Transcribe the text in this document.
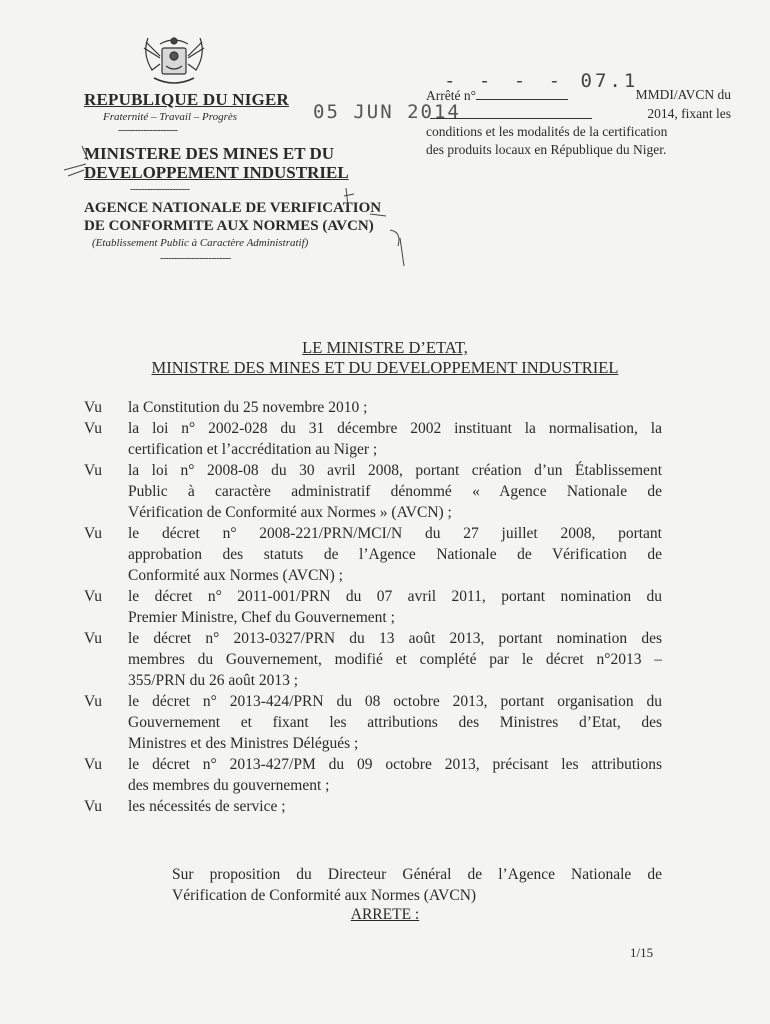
REPUBLIQUE DU NIGER
Fraternité – Travail – Progrès
---------------------
MINISTERE DES MINES ET DU
DEVELOPPEMENT INDUSTRIEL
---------------------
AGENCE NATIONALE DE VERIFICATION
DE CONFORMITE AUX NORMES (AVCN)
(Etablissement Public à Caractère Administratif)
-------------------------
- - - - 07.1
05 JUN 2014
Arrêté n°	MMDI/AVCN du
2014, fixant les
conditions et les modalités de la certification
des produits locaux en République du Niger.
LE MINISTRE D’ETAT,
MINISTRE DES MINES ET DU DEVELOPPEMENT INDUSTRIEL
Vu	la Constitution du 25 novembre 2010 ;
Vu	la loi n° 2002-028 du 31 décembre 2002 instituant la normalisation, la
certification et l’accréditation au Niger ;
Vu	la loi n° 2008-08 du 30 avril 2008, portant création d’un Établissement
Public à caractère administratif dénommé « Agence Nationale de
Vérification de Conformité aux Normes » (AVCN) ;
Vu	le décret n° 2008-221/PRN/MCI/N du 27 juillet 2008, portant
approbation des statuts de l’Agence Nationale de Vérification de
Conformité aux Normes (AVCN) ;
Vu	le décret n° 2011-001/PRN du 07 avril 2011, portant nomination du
Premier Ministre, Chef du Gouvernement ;
Vu	le décret n° 2013-0327/PRN du 13 août 2013, portant nomination des
membres du Gouvernement, modifié et complété par le décret n°2013 –
355/PRN du 26 août 2013 ;
Vu	le décret n° 2013-424/PRN du 08 octobre 2013, portant organisation du
Gouvernement et fixant les attributions des Ministres d’Etat, des
Ministres et des Ministres Délégués ;
Vu	le décret n° 2013-427/PM du 09 octobre 2013, précisant les attributions
des membres du gouvernement ;
Vu	les nécessités de service ;
Sur proposition du Directeur Général de l’Agence Nationale de
Vérification de Conformité aux Normes (AVCN)
ARRETE :
1/15
